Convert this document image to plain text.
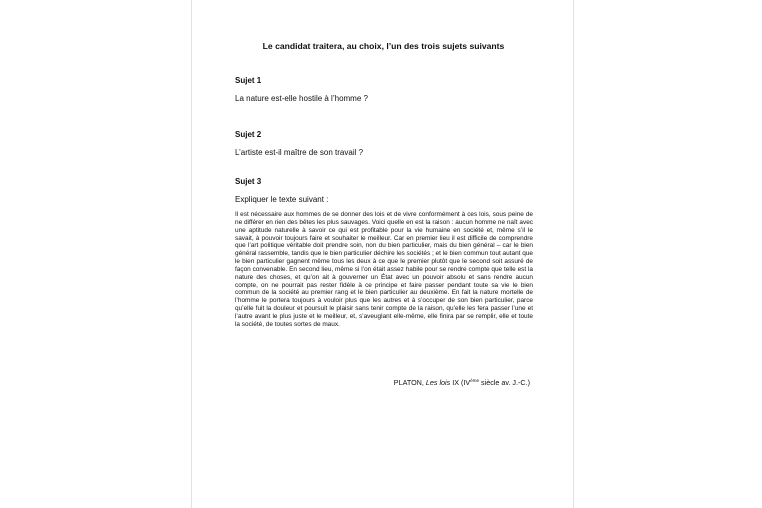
Le candidat traitera, au choix, l’un des trois sujets suivants
Sujet 1
La nature est-elle hostile à l’homme ?
Sujet 2
L’artiste est-il maître de son travail ?
Sujet 3
Expliquer le texte suivant :

Il est nécessaire aux hommes de se donner des lois et de vivre conformément à ces lois, sous peine de ne différer en rien des bêtes les plus sauvages. Voici quelle en est la raison : aucun homme ne naît avec une aptitude naturelle à savoir ce qui est profitable pour la vie humaine en société et, même s’il le savait, à pouvoir toujours faire et souhaiter le meilleur. Car en premier lieu il est difficile de comprendre que l’art politique véritable doit prendre soin, non du bien particulier, mais du bien général – car le bien général rassemble, tandis que le bien particulier déchire les sociétés ; et le bien commun tout autant que le bien particulier gagnent même tous les deux à ce que le premier plutôt que le second soit assuré de façon convenable. En second lieu, même si l’on était assez habile pour se rendre compte que telle est la nature des choses, et qu’on ait à gouverner un État avec un pouvoir absolu et sans rendre aucun compte, on ne pourrait pas rester fidèle à ce principe et faire passer pendant toute sa vie le bien commun de la société au premier rang et le bien particulier au deuxième. En fait la nature mortelle de l’homme le portera toujours à vouloir plus que les autres et à s’occuper de son bien particulier, parce qu’elle fuit la douleur et poursuit le plaisir sans tenir compte de la raison, qu’elle les fera passer l’une et l’autre avant le plus juste et le meilleur, et, s’aveuglant elle-même, elle finira par se remplir, elle et toute la société, de toutes sortes de maux.

PLATON, Les lois IX (IVème siècle av. J.-C.)
